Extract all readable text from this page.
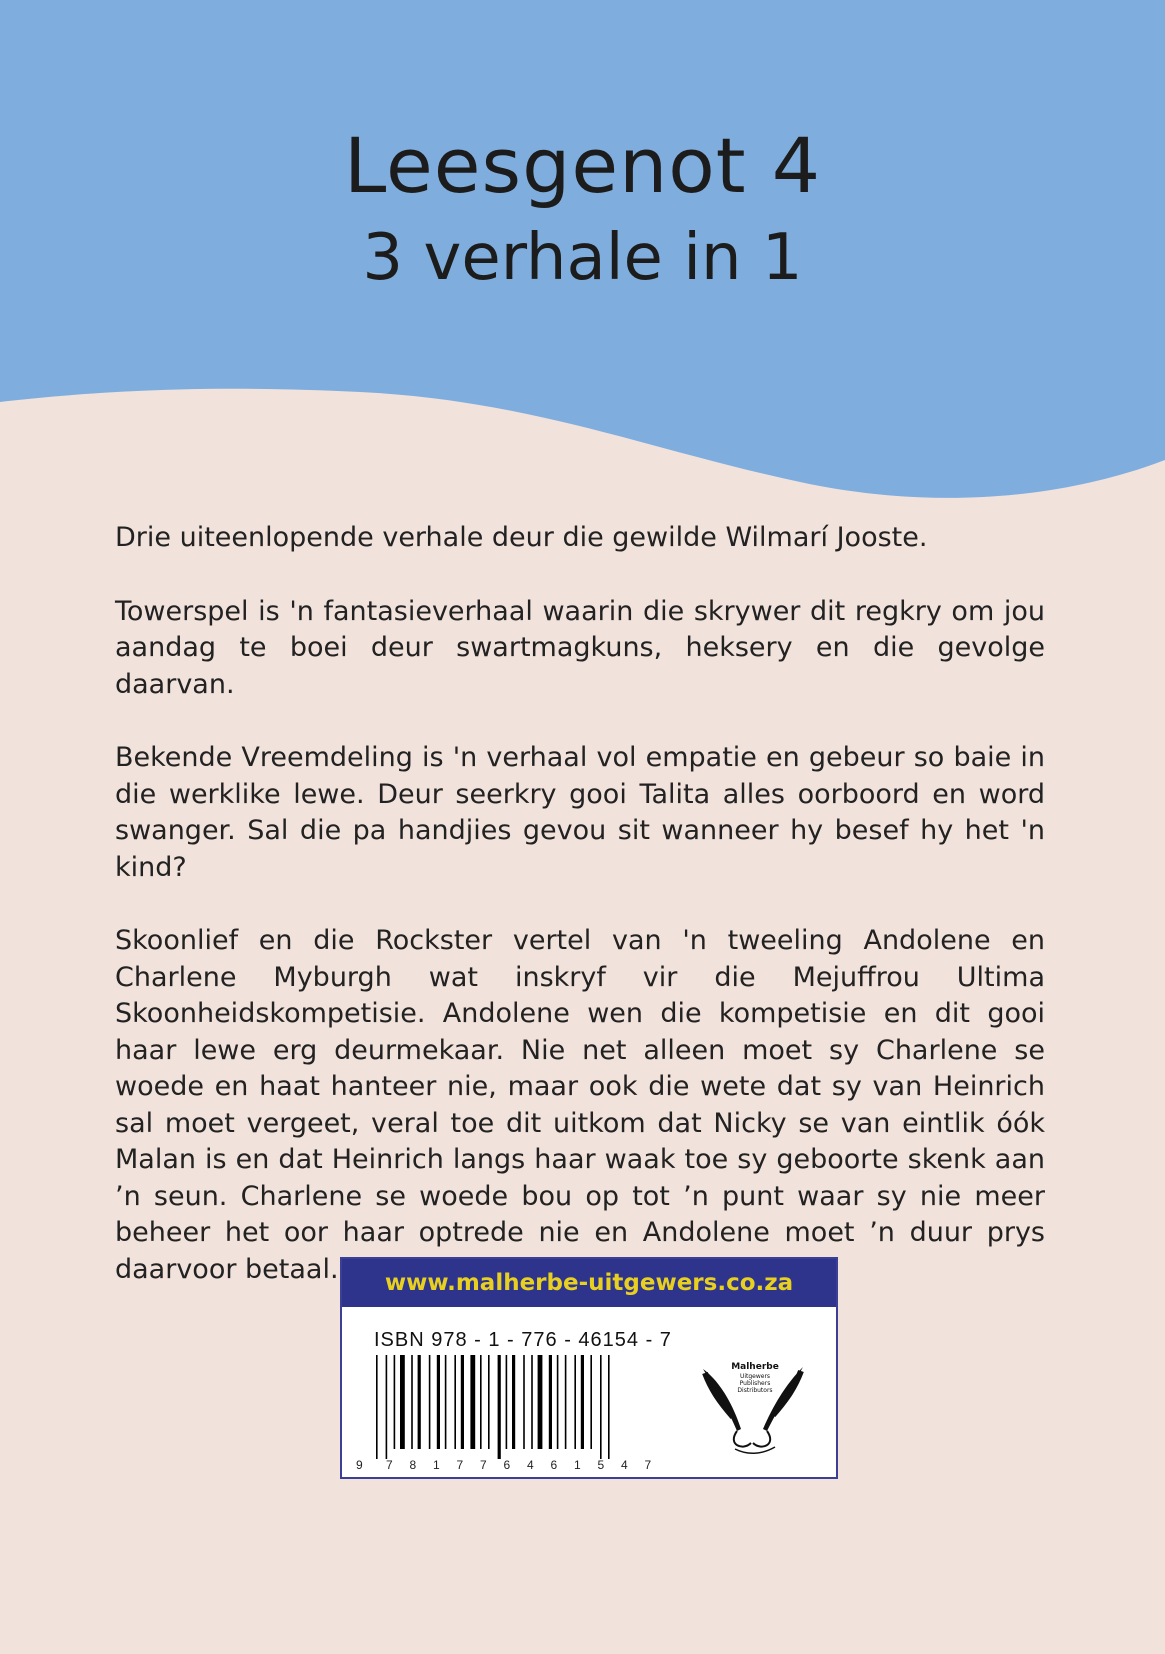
Leesgenot 4
3 verhale in 1

Drie uiteenlopende verhale deur die gewilde Wilmarí Jooste.

Towerspel is 'n fantasieverhaal waarin die skrywer dit regkry om jou aandag te boei deur swartmagkuns, heksery en die gevolge daarvan.

Bekende Vreemdeling is 'n verhaal vol empatie en gebeur so baie in die werklike lewe. Deur seerkry gooi Talita alles oorboord en word swanger. Sal die pa handjies gevou sit wanneer hy besef hy het 'n kind?

Skoonlief en die Rockster vertel van 'n tweeling Andolene en Charlene Myburgh wat inskryf vir die Mejuffrou Ultima Skoonheidskompetisie. Andolene wen die kompetisie en dit gooi haar lewe erg deurmekaar. Nie net alleen moet sy Charlene se woede en haat hanteer nie, maar ook die wete dat sy van Heinrich sal moet vergeet, veral toe dit uitkom dat Nicky se van eintlik óók Malan is en dat Heinrich langs haar waak toe sy geboorte skenk aan ’n seun. Charlene se woede bou op tot ’n punt waar sy nie meer beheer het oor haar optrede nie en Andolene moet ’n duur prys daarvoor betaal.	www.malherbe-uitgewers.co.za
ISBN 978 - 1 - 776 - 46154 - 7
9 7 8 1 7 7 6 4 6 1 5 4 7
Malherbe
Uitgewers
Publishers
Distributors
